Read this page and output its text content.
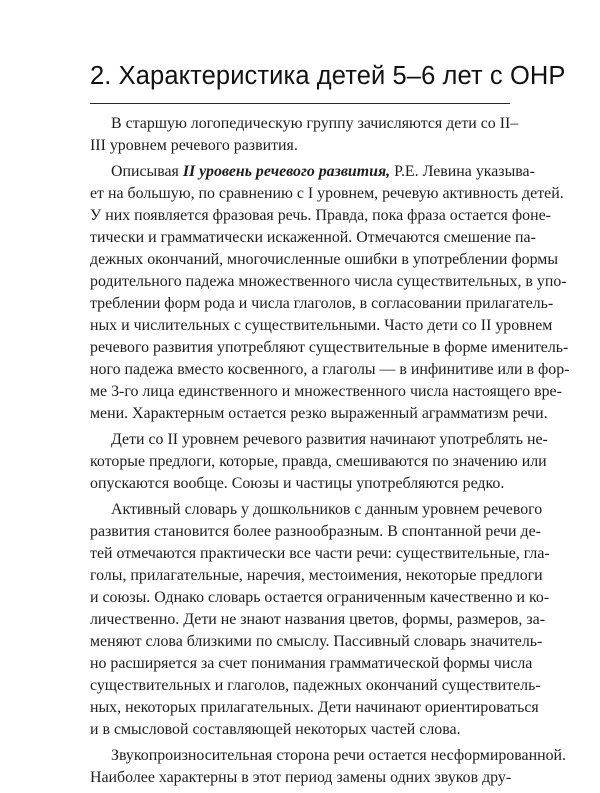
2. Характеристика детей 5–6 лет с ОНР
В старшую логопедическую группу зачисляются дети со II–
III уровнем речевого развития.
Описывая II уровень речевого развития, Р.Е. Левина указыва-
ет на большую, по сравнению с I уровнем, речевую активность детей.
У них появляется фразовая речь. Правда, пока фраза остается фоне-
тически и грамматически искаженной. Отмечаются смешение па-
дежных окончаний, многочисленные ошибки в употреблении формы
родительного падежа множественного числа существительных, в упо-
треблении форм рода и числа глаголов, в согласовании прилагатель-
ных и числительных с существительными. Часто дети со II уровнем
речевого развития употребляют существительные в форме именитель-
ного падежа вместо косвенного, а глаголы — в инфинитиве или в фор-
ме 3-го лица единственного и множественного числа настоящего вре-
мени. Характерным остается резко выраженный аграмматизм речи.
Дети со II уровнем речевого развития начинают употреблять не-
которые предлоги, которые, правда, смешиваются по значению или
опускаются вообще. Союзы и частицы употребляются редко.
Активный словарь у дошкольников с данным уровнем речевого
развития становится более разнообразным. В спонтанной речи де-
тей отмечаются практически все части речи: существительные, гла-
голы, прилагательные, наречия, местоимения, некоторые предлоги
и союзы. Однако словарь остается ограниченным качественно и ко-
личественно. Дети не знают названия цветов, формы, размеров, за-
меняют слова близкими по смыслу. Пассивный словарь значитель-
но расширяется за счет понимания грамматической формы числа
существительных и глаголов, падежных окончаний существитель-
ных, некоторых прилагательных. Дети начинают ориентироваться
и в смысловой составляющей некоторых частей слова.
Звукопроизносительная сторона речи остается несформированной.
Наиболее характерны в этот период замены одних звуков дру-
